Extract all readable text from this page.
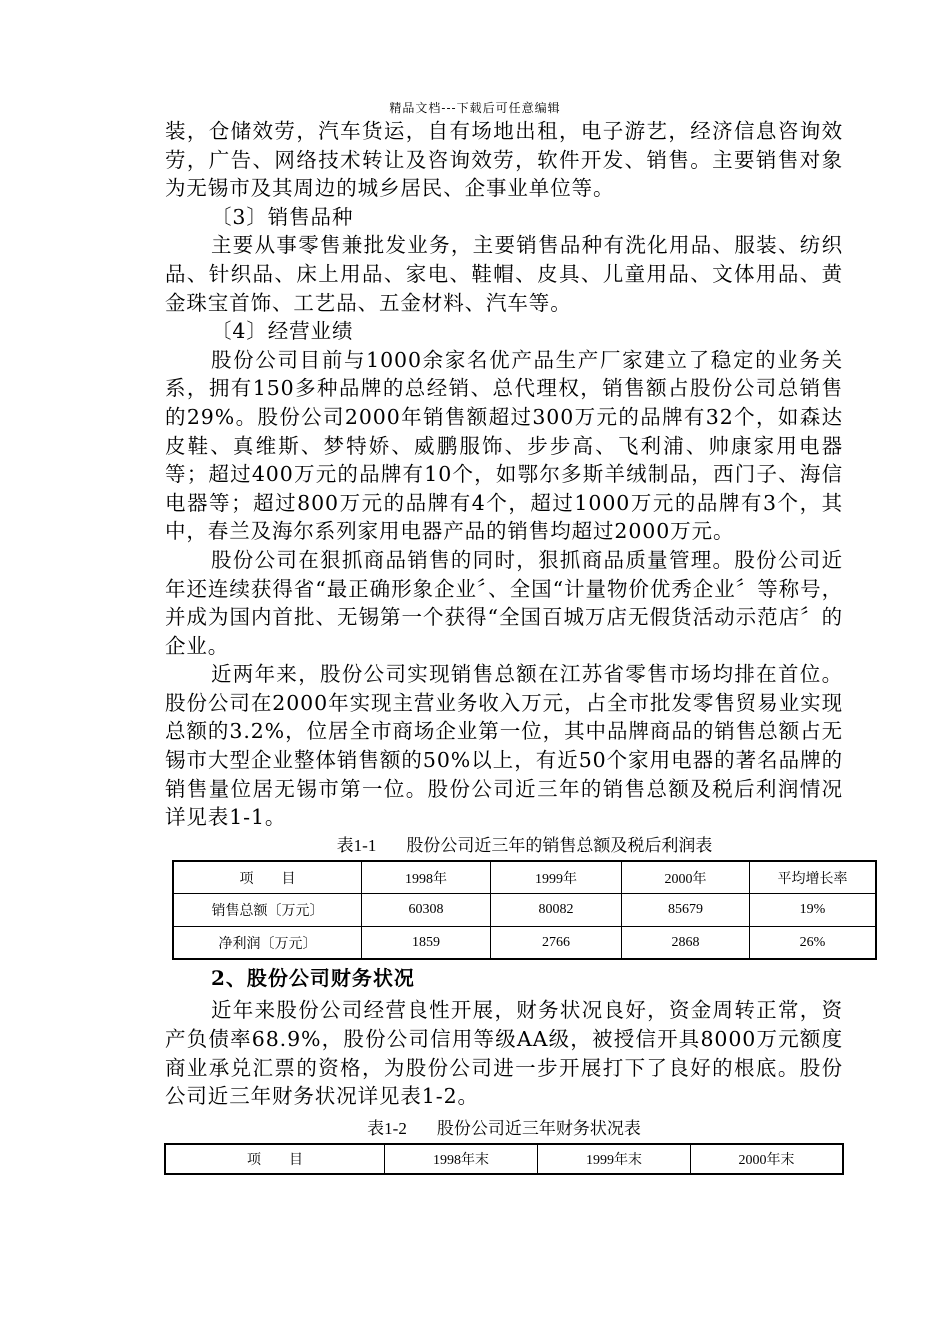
精品文档---下载后可任意编辑

装，仓储效劳，汽车货运，自有场地出租，电子游艺，经济信息咨询效劳，广告、网络技术转让及咨询效劳，软件开发、销售。主要销售对象为无锡市及其周边的城乡居民、企事业单位等。

〔3〕销售品种

主要从事零售兼批发业务，主要销售品种有洗化用品、服装、纺织品、针织品、床上用品、家电、鞋帽、皮具、儿童用品、文体用品、黄金珠宝首饰、工艺品、五金材料、汽车等。

〔4〕经营业绩

股份公司目前与1000余家名优产品生产厂家建立了稳定的业务关系，拥有150多种品牌的总经销、总代理权，销售额占股份公司总销售的29%。股份公司2000年销售额超过300万元的品牌有32个，如森达皮鞋、真维斯、梦特娇、威鹏服饰、步步高、飞利浦、帅康家用电器等；超过400万元的品牌有10个，如鄂尔多斯羊绒制品，西门子、海信电器等；超过800万元的品牌有4个，超过1000万元的品牌有3个，其中，春兰及海尔系列家用电器产品的销售均超过2000万元。

股份公司在狠抓商品销售的同时，狠抓商品质量管理。股份公司近年还连续获得省“最正确形象企业〞、全国“计量物价优秀企业〞等称号，并成为国内首批、无锡第一个获得“全国百城万店无假货活动示范店〞的企业。

近两年来，股份公司实现销售总额在江苏省零售市场均排在首位。股份公司在2000年实现主营业务收入万元，占全市批发零售贸易业实现总额的3.2%，位居全市商场企业第一位，其中品牌商品的销售总额占无锡市大型企业整体销售额的50%以上，有近50个家用电器的著名品牌的销售量位居无锡市第一位。股份公司近三年的销售总额及税后利润情况详见表1-1。

表1-1 股份公司近三年的销售总额及税后利润表

项　　目	1998年	1999年	2000年	平均增长率
销售总额〔万元〕	60308	80082	85679	19%
净利润〔万元〕	1859	2766	2868	26%

2、股份公司财务状况

近年来股份公司经营良性开展，财务状况良好，资金周转正常，资产负债率68.9%，股份公司信用等级AA级，被授信开具8000万元额度商业承兑汇票的资格，为股份公司进一步开展打下了良好的根底。股份公司近三年财务状况详见表1-2。

表1-2 股份公司近三年财务状况表

项　　目	1998年末	1999年末	2000年末
